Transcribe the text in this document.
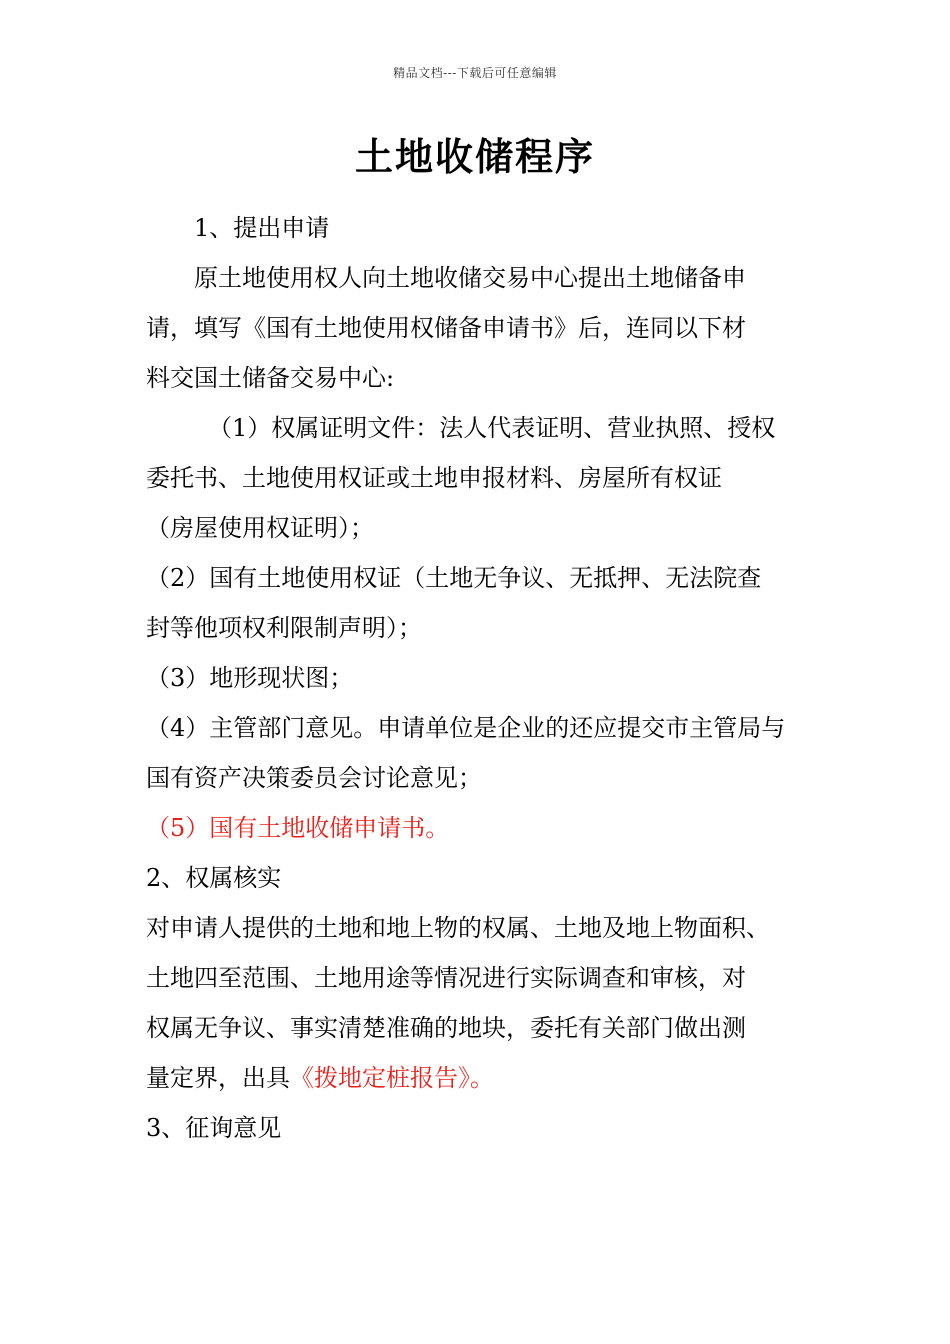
精品文档---下载后可任意编辑
土地收储程序

1、提出申请

原土地使用权人向土地收储交易中心提出土地储备申

请，填写《国有土地使用权储备申请书》后，连同以下材

料交国土储备交易中心:

（1）权属证明文件：法人代表证明、营业执照、授权

委托书、土地使用权证或土地申报材料、房屋所有权证

（房屋使用权证明）；

（2）国有土地使用权证（土地无争议、无抵押、无法院查

封等他项权利限制声明）；

（3）地形现状图；

（4）主管部门意见。申请单位是企业的还应提交市主管局与

国有资产决策委员会讨论意见；

（5）国有土地收储申请书。

2、权属核实

对申请人提供的土地和地上物的权属、土地及地上物面积、

土地四至范围、土地用途等情况进行实际调查和审核，对

权属无争议、事实清楚准确的地块，委托有关部门做出测

量定界，出具《拨地定桩报告》。

3、征询意见
